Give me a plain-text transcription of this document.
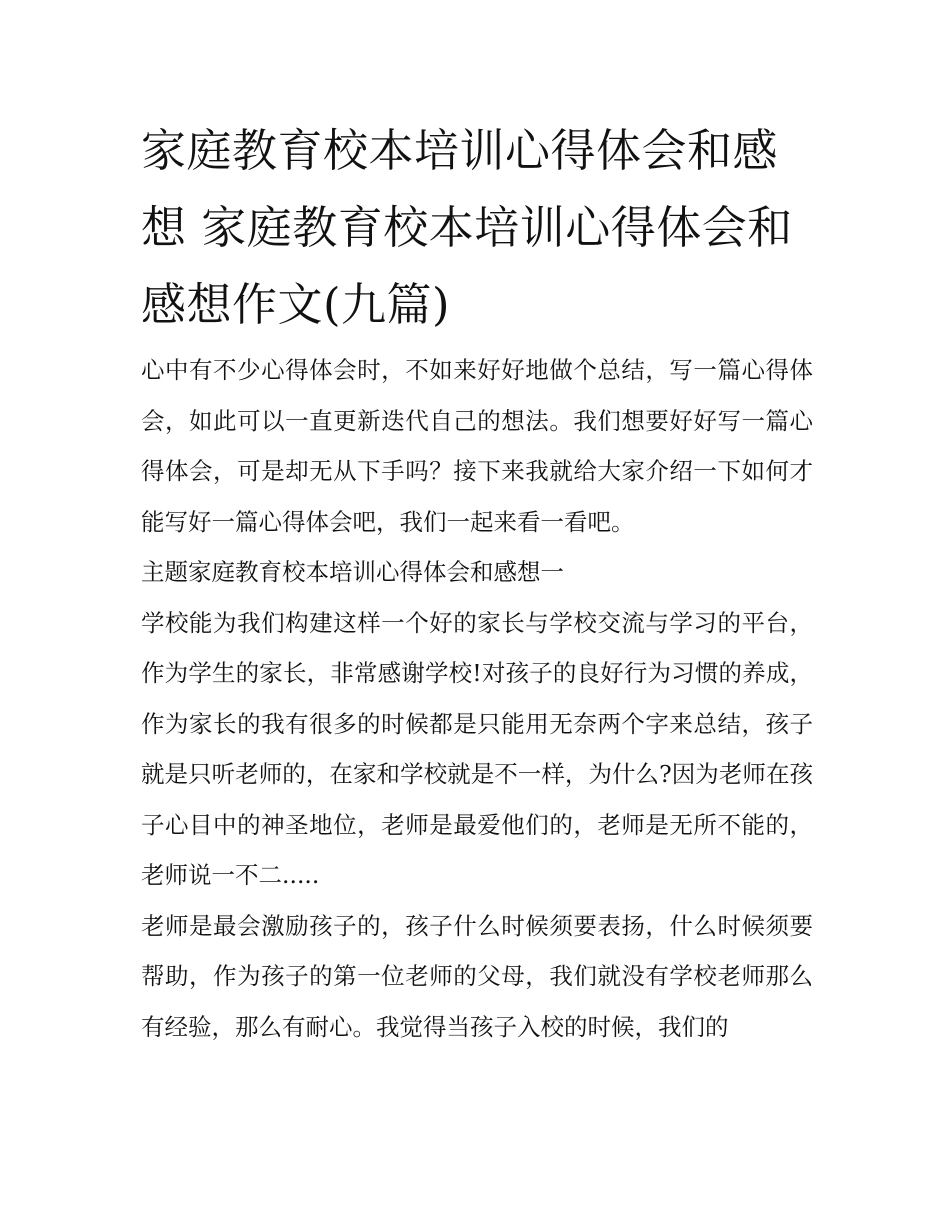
家庭教育校本培训心得体会和感想 家庭教育校本培训心得体会和感想作文(九篇)

心中有不少心得体会时，不如来好好地做个总结，写一篇心得体会，如此可以一直更新迭代自己的想法。我们想要好好写一篇心得体会，可是却无从下手吗？接下来我就给大家介绍一下如何才能写好一篇心得体会吧，我们一起来看一看吧。

主题家庭教育校本培训心得体会和感想一

学校能为我们构建这样一个好的家长与学校交流与学习的平台，作为学生的家长，非常感谢学校!对孩子的良好行为习惯的养成，作为家长的我有很多的时候都是只能用无奈两个字来总结，孩子就是只听老师的，在家和学校就是不一样，为什么?因为老师在孩子心目中的神圣地位，老师是最爱他们的，老师是无所不能的，老师说一不二.....

老师是最会激励孩子的，孩子什么时候须要表扬，什么时候须要帮助，作为孩子的第一位老师的父母，我们就没有学校老师那么有经验，那么有耐心。我觉得当孩子入校的时候，我们的
